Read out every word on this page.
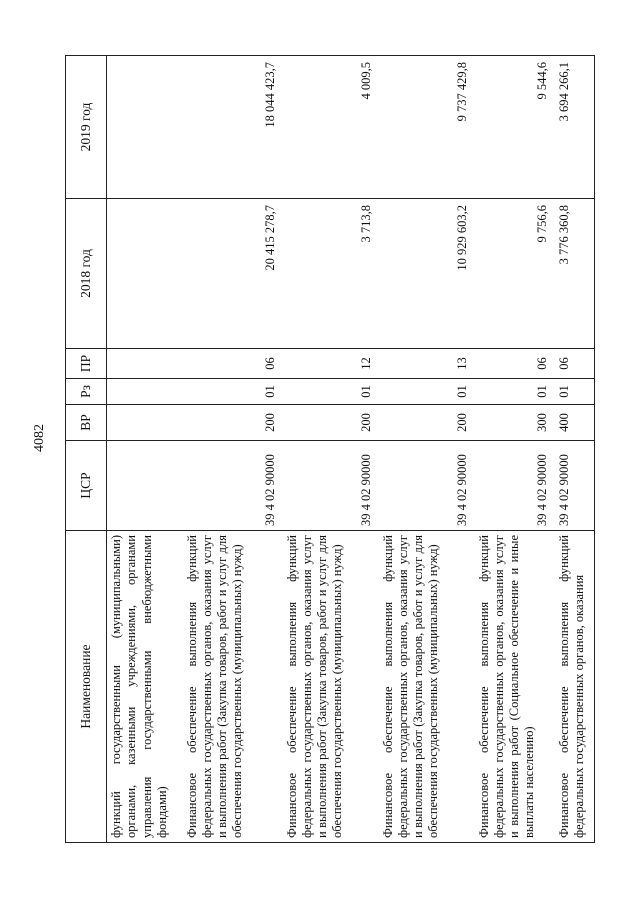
4082
Наименование	ЦСР	ВР	Рз	ПР	2018 год	2019 год
функций государственными (муниципальными) органами, казенными учреждениями, органами управления государственными внебюджетными фондами)						
Финансовое обеспечение выполнения функций федеральных государственных органов, оказания услуг и выполнения работ (Закупка товаров, работ и услуг для обеспечения государственных (муниципальных) нужд)	39 4 02 90000	200	01	06	20 415 278,7	18 044 423,7
Финансовое обеспечение выполнения функций федеральных государственных органов, оказания услуг и выполнения работ (Закупка товаров, работ и услуг для обеспечения государственных (муниципальных) нужд)	39 4 02 90000	200	01	12	3 713,8	4 009,5
Финансовое обеспечение выполнения функций федеральных государственных органов, оказания услуг и выполнения работ (Закупка товаров, работ и услуг для обеспечения государственных (муниципальных) нужд)	39 4 02 90000	200	01	13	10 929 603,2	9 737 429,8
Финансовое обеспечение выполнения функций федеральных государственных органов, оказания услуг и выполнения работ (Социальное обеспечение и иные выплаты населению)	39 4 02 90000	300	01	06	9 756,6	9 544,6
Финансовое обеспечение выполнения функций федеральных государственных органов, оказания	39 4 02 90000	400	01	06	3 776 360,8	3 694 266,1
